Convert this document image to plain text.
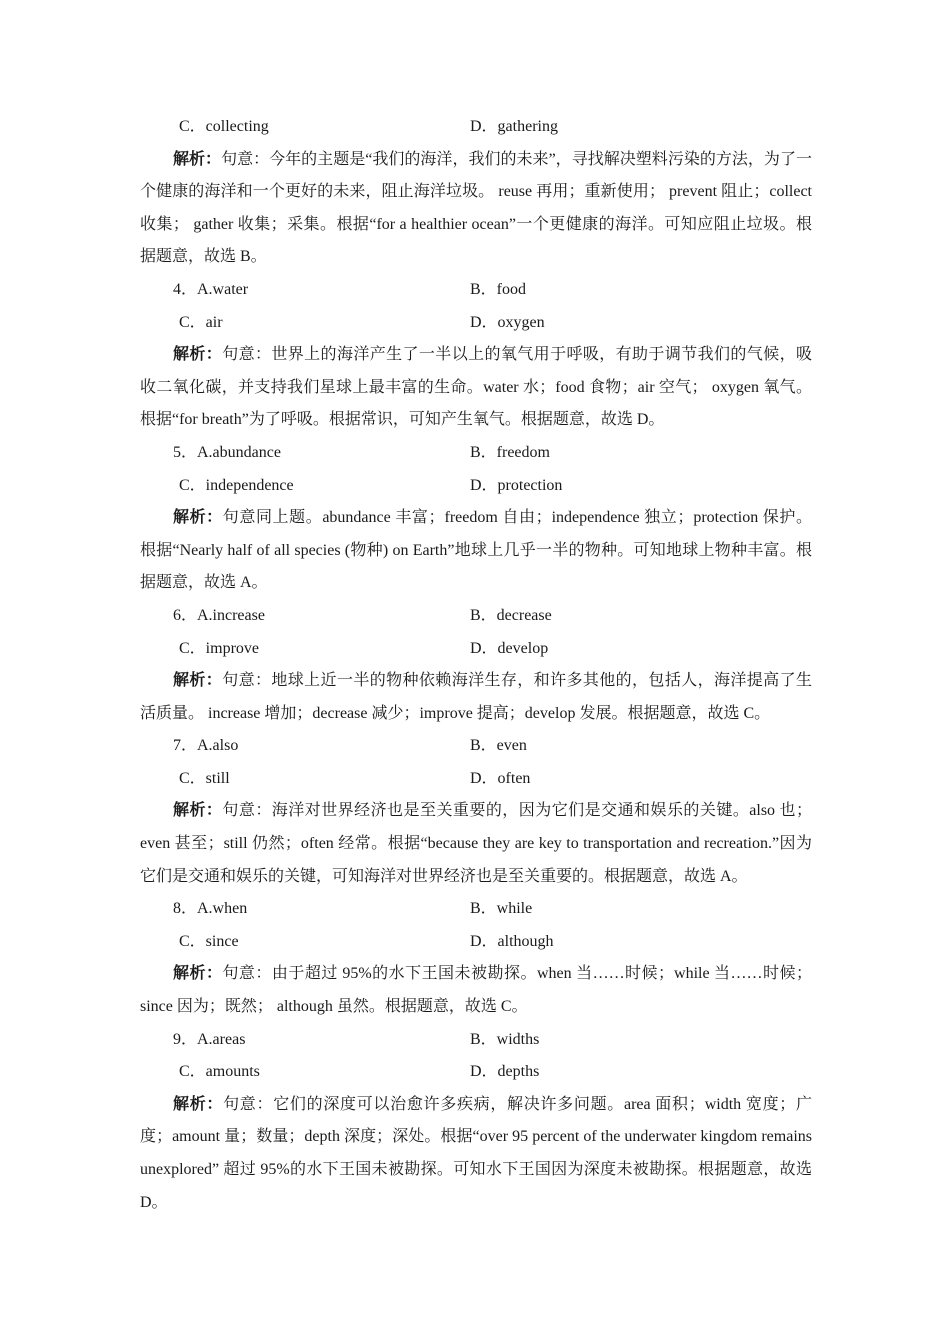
C．collecting	D．gathering

解析：句意：今年的主题是“我们的海洋，我们的未来”，寻找解决塑料污染的方法，为了一个健康的海洋和一个更好的未来，阻止海洋垃圾。 reuse 再用；重新使用； prevent 阻止；collect 收集； gather 收集；采集。根据“for a healthier ocean”一个更健康的海洋。可知应阻止垃圾。根据题意，故选 B。

4．A.water	B．food
C．air	D．oxygen

解析：句意：世界上的海洋产生了一半以上的氧气用于呼吸，有助于调节我们的气候，吸收二氧化碳，并支持我们星球上最丰富的生命。water 水；food 食物；air 空气； oxygen 氧气。根据“for breath”为了呼吸。根据常识，可知产生氧气。根据题意，故选 D。

5．A.abundance	B．freedom
C．independence	D．protection

解析：句意同上题。abundance 丰富；freedom 自由；independence 独立；protection 保护。根据“Nearly half of all species (物种) on Earth”地球上几乎一半的物种。可知地球上物种丰富。根据题意，故选 A。

6．A.increase	B．decrease
C．improve	D．develop

解析：句意：地球上近一半的物种依赖海洋生存，和许多其他的，包括人，海洋提高了生活质量。 increase 增加；decrease 减少；improve 提高；develop 发展。根据题意，故选 C。

7．A.also	B．even
C．still	D．often

解析：句意：海洋对世界经济也是至关重要的，因为它们是交通和娱乐的关键。also 也；even 甚至；still 仍然；often 经常。根据“because they are key to transportation and recreation.”因为它们是交通和娱乐的关键，可知海洋对世界经济也是至关重要的。根据题意，故选 A。

8．A.when	B．while
C．since	D．although

解析：句意：由于超过 95%的水下王国未被勘探。when 当……时候；while 当……时候；since 因为；既然； although 虽然。根据题意，故选 C。

9．A.areas	B．widths
C．amounts	D．depths

解析：句意：它们的深度可以治愈许多疾病，解决许多问题。area 面积；width 宽度；广度；amount 量；数量；depth 深度；深处。根据“over 95 percent of the underwater kingdom remains unexplored” 超过 95%的水下王国未被勘探。可知水下王国因为深度未被勘探。根据题意，故选 D。
